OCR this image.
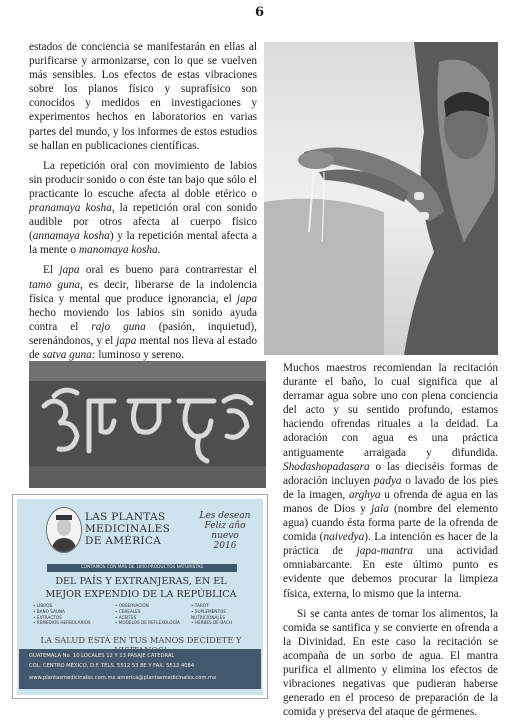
6

estados de conciencia se manifestarán en ellas al purificarse y armonizarse, con lo que se vuelven más sensibles. Los efectos de estas vibraciones sobre los planos físico y suprafísico son conocidos y medidos en investigaciones y experimentos hechos en laboratorios en varias partes del mundo, y los informes de estos estudios se hallan en publicaciones científicas.

La repetición oral con movimiento de labios sin producir sonido o con éste tan bajo que sólo el practicante lo escuche afecta al doble etérico o pranamaya kosha, la repetición oral con sonido audible por otros afecta al cuerpo físico (annamaya kosha) y la repetición mental afecta a la mente o manomaya kosha.

El japa oral es bueno para contrarrestar el tamo guna, es decir, liberarse de la indolencia física y mental que produce ignorancia, el japa hecho moviendo los labios sin sonido ayuda contra el rajo guna (pasión, inquietud), serenándonos, y el japa mental nos lleva al estado de satva guna: luminoso y sereno.

LAS PLANTAS
MEDICINALES
DE AMÉRICA
Les desean
Feliz año nuevo
2016
CONTAMOS CON MÁS DE 1000 PRODUCTOS NATURISTAS
DEL PAÍS Y EXTRANJERAS, EN EL
MEJOR EXPENDIO DE LA REPÚBLICA
• LIBROS
• BAÑO SAUNA
• EXTRACTOS
• REMEDIOS HERBOLARIOS
• OBSERVACIÓN
• CEREALES
• ACEITES
• MODELOS DE REFLEXOLOGÍA
• TAROT
• SUPLEMENTOS NUTRICIONALES
• HERBES DE BACH
LA SALUD ESTÁ EN TUS MANOS DECÍDETE Y
GUATEMALA No. 10 LOCALES 12 Y 13 PASAJE CATEDRAL
COL. CENTRO MÉXICO, D.F. TELS. 5512 53 8E Y FAX. 5512 4084
www.plantasmedicinales.com.mx america@plantasmedicinales.com.mx

Muchos maestros recomiendan la recitación durante el baño, lo cual significa que al derramar agua sobre uno con plena conciencia del acto y su sentido profundo, estamos haciendo ofrendas rituales a la deidad. La adoración con agua es una práctica antiguamente arraigada y difundida. Shodashopadasara o las dieciséis formas de adoración incluyen padya o lavado de los pies de la imagen, arghya u ofrenda de agua en las manos de Dios y jala (nombre del elemento agua) cuando ésta forma parte de la ofrenda de comida (naivedya). La intención es hacer de la práctica de japa-mantra una actividad omniabarcante. En este último punto es evidente que debemos procurar la limpieza física, externa, lo mismo que la interna.

Si se canta antes de tomar los alimentos, la comida se santifica y se convierte en ofrenda a la Divinidad. En este caso la recitación se acompaña de un sorbo de agua. El mantra purifica el alimento y elimina los efectos de vibraciones negativas que pudieran haberse generado en el proceso de preparación de la comida y preserva del ataque de gérmenes.
